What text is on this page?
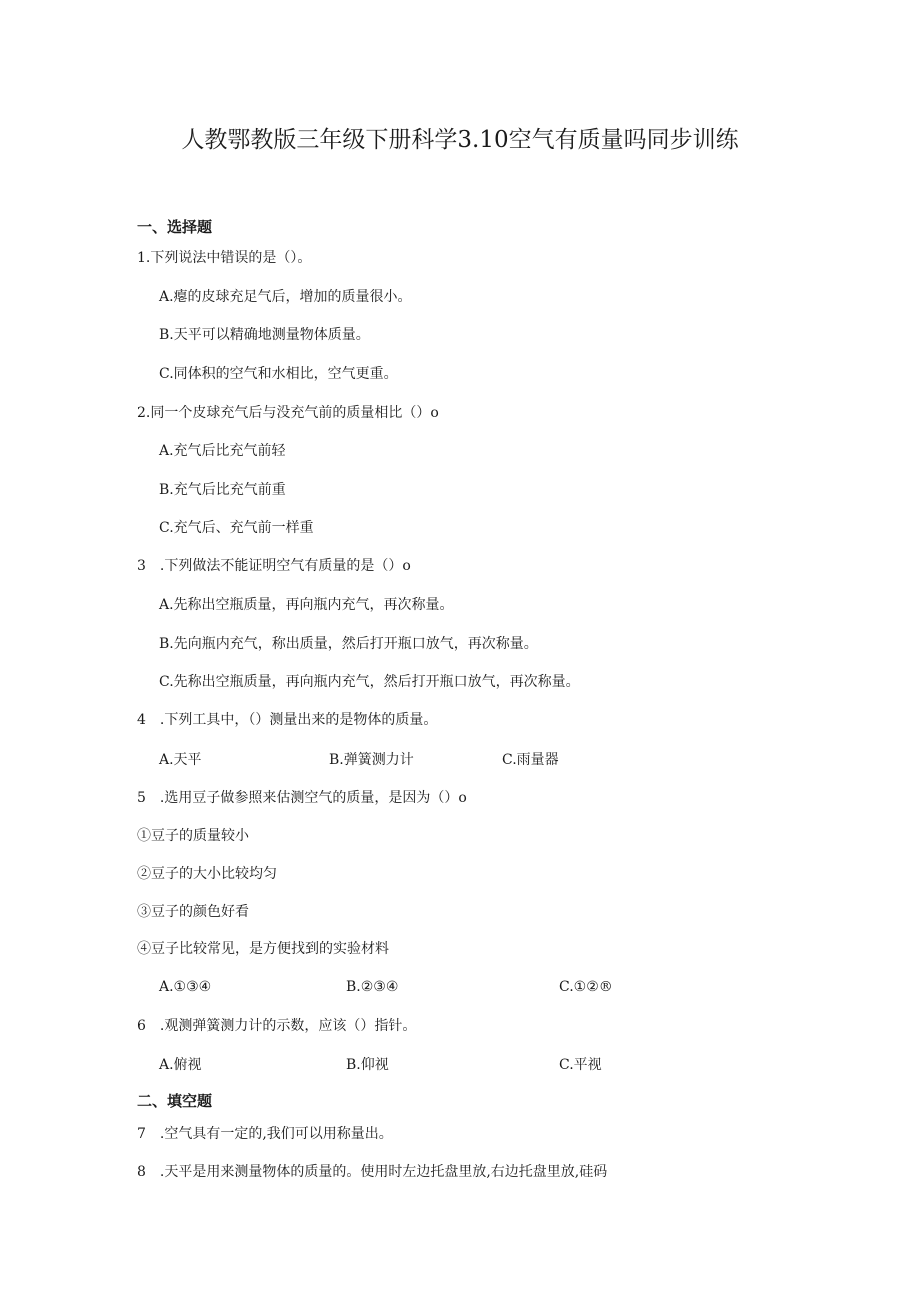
人教鄂教版三年级下册科学3.10空气有质量吗同步训练
一、选择题
1.下列说法中错误的是（）。
A.瘪的皮球充足气后，增加的质量很小。
B.天平可以精确地测量物体质量。
C.同体积的空气和水相比，空气更重。
2.同一个皮球充气后与没充气前的质量相比（）o
A.充气后比充气前轻
B.充气后比充气前重
C.充气后、充气前一样重
3　.下列做法不能证明空气有质量的是（）o
A.先称出空瓶质量，再向瓶内充气，再次称量。
B.先向瓶内充气，称出质量，然后打开瓶口放气，再次称量。
C.先称出空瓶质量，再向瓶内充气，然后打开瓶口放气，再次称量。
4　.下列工具中，（）测量出来的是物体的质量。
A.天平	B.弹簧测力计	C.雨量器
5　.选用豆子做参照来估测空气的质量，是因为（）o
①豆子的质量较小
②豆子的大小比较均匀
③豆子的颜色好看
④豆子比较常见，是方便找到的实验材料
A.①③④	B.②③④	C.①②®
6　.观测弹簧测力计的示数，应该（）指针。
A.俯视	B.仰视	C.平视
二、填空题
7　.空气具有一定的,我们可以用称量出。
8　.天平是用来测量物体的质量的。使用时左边托盘里放,右边托盘里放,硅码
